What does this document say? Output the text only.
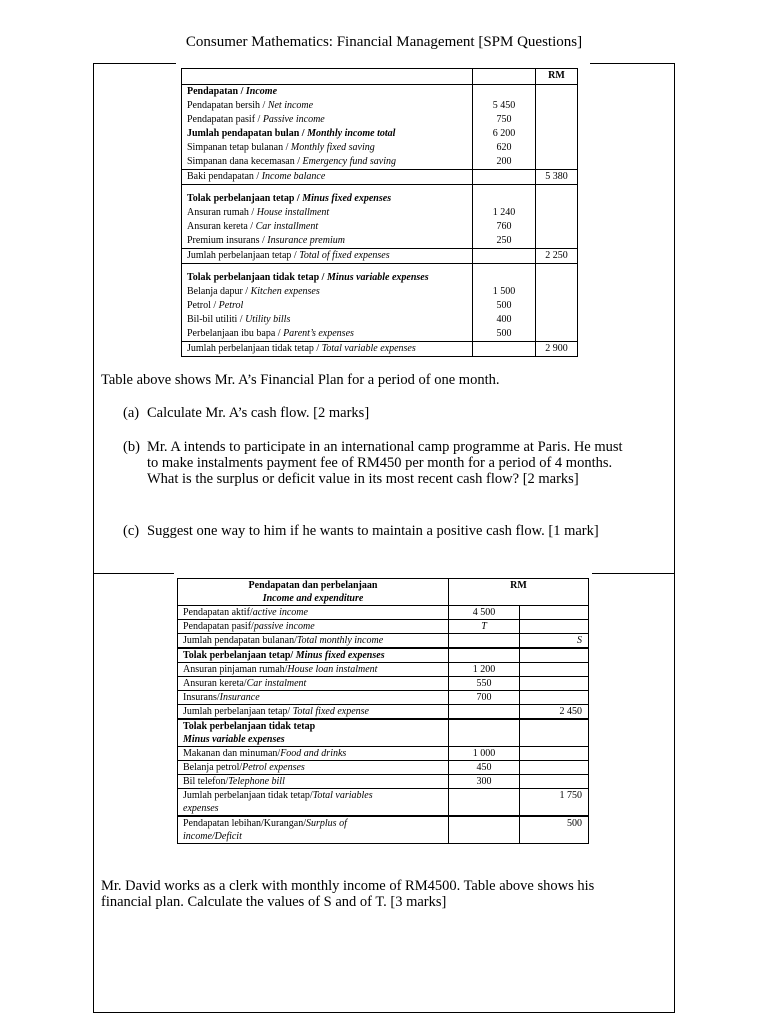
Consumer Mathematics: Financial Management [SPM Questions]
		RM
Pendapatan / Income		
Pendapatan bersih / Net income	5 450	
Pendapatan pasif / Passive income	750	
Jumlah pendapatan bulan / Monthly income total	6 200	
Simpanan tetap bulanan / Monthly fixed saving	620	
Simpanan dana kecemasan / Emergency fund saving	200	
Baki pendapatan / Income balance		5 380

Tolak perbelanjaan tetap / Minus fixed expenses		
Ansuran rumah / House installment	1 240	
Ansuran kereta / Car installment	760	
Premium insurans / Insurance premium	250	
Jumlah perbelanjaan tetap / Total of fixed expenses		2 250

Tolak perbelanjaan tidak tetap / Minus variable expenses		
Belanja dapur / Kitchen expenses	1 500	
Petrol / Petrol	500	
Bil-bil utiliti / Utility bills	400	
Perbelanjaan ibu bapa / Parent’s expenses	500	
Jumlah perbelanjaan tidak tetap / Total variable expenses		2 900
Table above shows Mr. A’s Financial Plan for a period of one month.
(a) Calculate Mr. A’s cash flow. [2 marks]
(b) Mr. A intends to participate in an international camp programme at Paris. He must
to make instalments payment fee of RM450 per month for a period of 4 months.
What is the surplus or deficit value in its most recent cash flow? [2 marks]
(c) Suggest one way to him if he wants to maintain a positive cash flow. [1 mark]
Pendapatan dan perbelanjaan
Income and expenditure	RM	
Pendapatan aktif/active income	4 500	
Pendapatan pasif/passive income	T	
Jumlah pendapatan bulanan/Total monthly income		S
Tolak perbelanjaan tetap/ Minus fixed expenses		
Ansuran pinjaman rumah/House loan instalment	1 200	
Ansuran kereta/Car instalment	550	
Insurans/Insurance	700	
Jumlah perbelanjaan tetap/ Total fixed expense		2 450

Tolak perbelanjaan tidak tetap
Minus variable expenses		

Makanan dan minuman/Food and drinks	1 000	
Belanja petrol/Petrol expenses	450	
Bil telefon/Telephone bill	300	

Jumlah perbelanjaan tidak tetap/Total variables
expenses		1 750

Pendapatan lebihan/Kurangan/Surplus of
income/Deficit		500
Mr. David works as a clerk with monthly income of RM4500. Table above shows his
financial plan. Calculate the values of S and of T. [3 marks]
